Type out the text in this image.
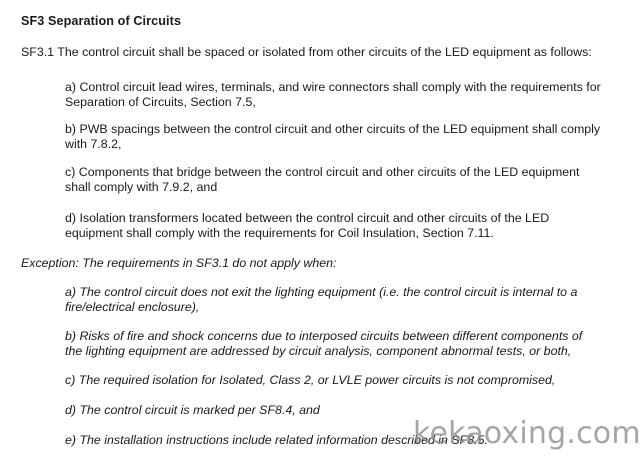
SF3 Separation of Circuits
SF3.1 The control circuit shall be spaced or isolated from other circuits of the LED equipment as follows:
a) Control circuit lead wires, terminals, and wire connectors shall comply with the requirements for Separation of Circuits, Section 7.5,
b) PWB spacings between the control circuit and other circuits of the LED equipment shall comply with 7.8.2,
c) Components that bridge between the control circuit and other circuits of the LED equipment shall comply with 7.9.2, and
d) Isolation transformers located between the control circuit and other circuits of the LED equipment shall comply with the requirements for Coil Insulation, Section 7.11.
Exception: The requirements in SF3.1 do not apply when:
a) The control circuit does not exit the lighting equipment (i.e. the control circuit is internal to a fire/electrical enclosure),
b) Risks of fire and shock concerns due to interposed circuits between different components of the lighting equipment are addressed by circuit analysis, component abnormal tests, or both,
c) The required isolation for Isolated, Class 2, or LVLE power circuits is not compromised,
d) The control circuit is marked per SF8.4, and
e) The installation instructions include related information described in SF8.5.
kekaoxing.com
